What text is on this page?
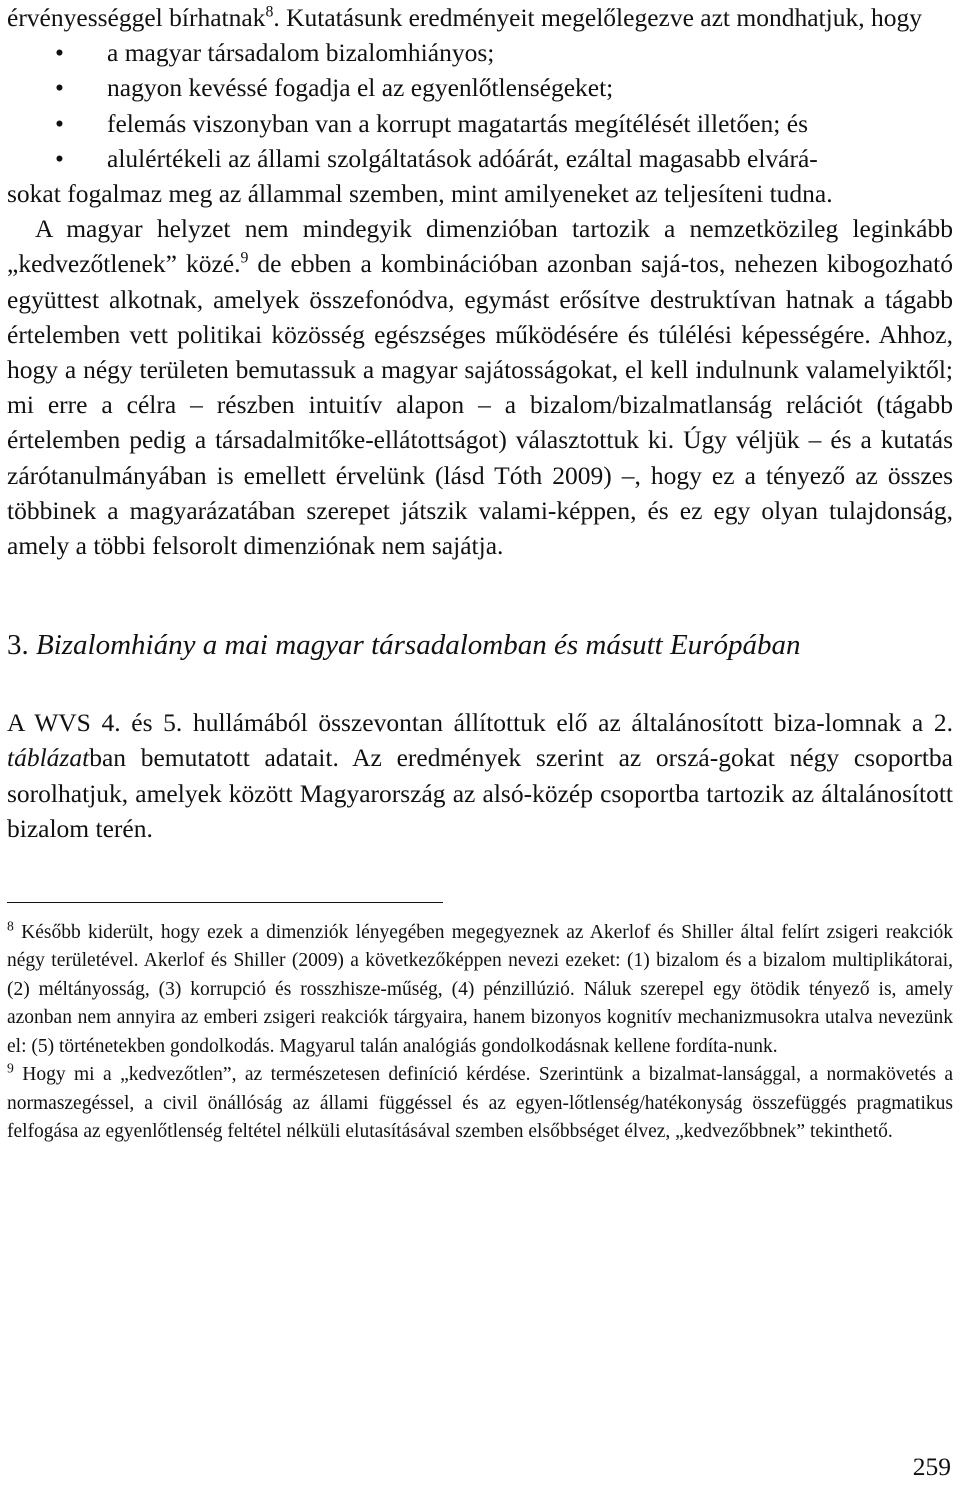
érvényességgel bírhatnak$^8$. Kutatásunk eredményeit megelőlegezve azt mondhatjuk, hogy

• a magyar társadalom bizalomhiányos;
• nagyon kevéssé fogadja el az egyenlőtlenségeket;
• felemás viszonyban van a korrupt magatartás megítélését illetően; és
• alulértékeli az állami szolgáltatások adóárát, ezáltal magasabb elvárá-

sokat fogalmaz meg az állammal szemben, mint amilyeneket az teljesíteni tudna.

A magyar helyzet nem mindegyik dimenzióban tartozik a nemzetközileg leginkább „kedvezőtlenek” közé.$^9$ de ebben a kombinációban azonban sajá-tos, nehezen kibogozható együttest alkotnak, amelyek összefonódva, egymást erősítve destruktívan hatnak a tágabb értelemben vett politikai közösség egészséges működésére és túlélési képességére. Ahhoz, hogy a négy területen bemutassuk a magyar sajátosságokat, el kell indulnunk valamelyiktől; mi erre a célra – részben intuitív alapon – a bizalom/bizalmatlanság relációt (tágabb értelemben pedig a társadalmitőke-ellátottságot) választottuk ki. Úgy véljük – és a kutatás zárótanulmányában is emellett érvelünk (lásd Tóth 2009) –, hogy ez a tényező az összes többinek a magyarázatában szerepet játszik valami-képpen, és ez egy olyan tulajdonság, amely a többi felsorolt dimenziónak nem sajátja.

3. Bizalomhiány a mai magyar társadalomban és másutt Európában

A WVS 4. és 5. hullámából összevontan állítottuk elő az általánosított biza-lomnak a 2. táblázatban bemutatott adatait. Az eredmények szerint az orszá-gokat négy csoportba sorolhatjuk, amelyek között Magyarország az alsó-közép csoportba tartozik az általánosított bizalom terén.

$^8$ Később kiderült, hogy ezek a dimenziók lényegében megegyeznek az Akerlof és Shiller által felírt zsigeri reakciók négy területével. Akerlof és Shiller (2009) a következőképpen nevezi ezeket: (1) bizalom és a bizalom multiplikátorai, (2) méltányosság, (3) korrupció és rosszhisze-műség, (4) pénzillúzió. Náluk szerepel egy ötödik tényező is, amely azonban nem annyira az emberi zsigeri reakciók tárgyaira, hanem bizonyos kognitív mechanizmusokra utalva nevezünk el: (5) történetekben gondolkodás. Magyarul talán analógiás gondolkodásnak kellene fordíta-nunk.

$^9$ Hogy mi a „kedvezőtlen”, az természetesen definíció kérdése. Szerintünk a bizalmat-lansággal, a normakövetés a normaszegéssel, a civil önállóság az állami függéssel és az egyen-lőtlenség/hatékonyság összefüggés pragmatikus felfogása az egyenlőtlenség feltétel nélküli elutasításával szemben elsőbbséget élvez, „kedvezőbbnek” tekinthető.

259
